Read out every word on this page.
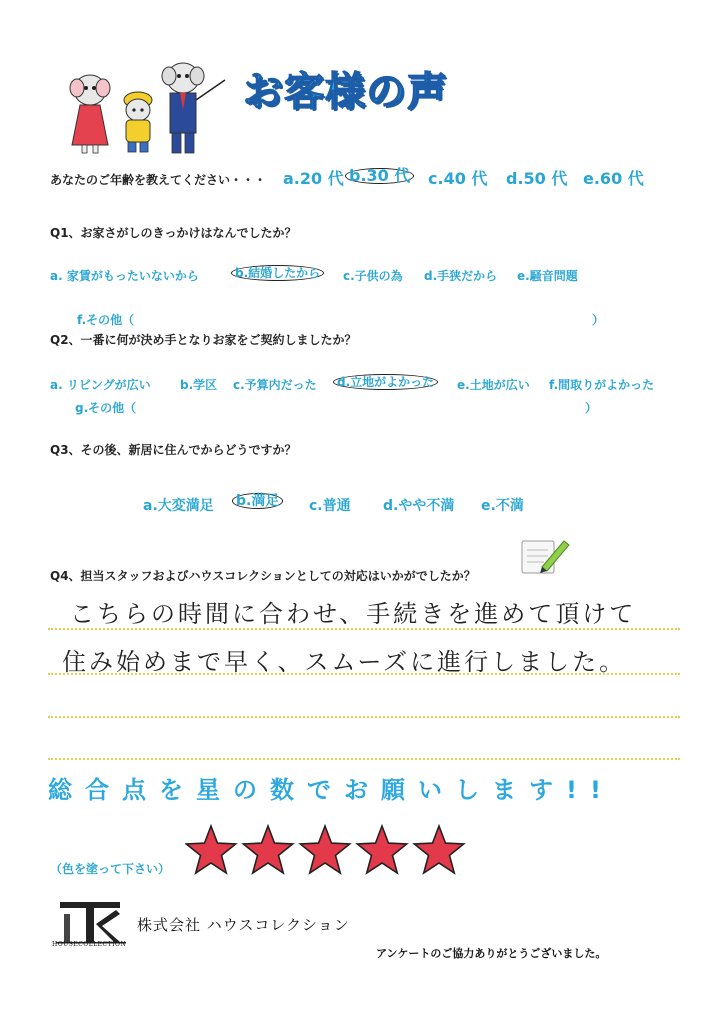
お客様の声
あなたのご年齢を教えてください・・・ a.20 代 b.30 代 c.40 代 d.50 代 e.60 代
Q1、お家さがしのきっかけはなんでしたか？
a. 家賃がもったいないから	b.結婚したから	c.子供の為 d.手狭だから e.騒音問題
f.その他（	）
Q2、一番に何が決め手となりお家をご契約しましたか？
a. リビングが広い b.学区 c.予算内だった	d.立地がよかった	e.土地が広い f.間取りがよかった
g.その他（	）
Q3、その後、新居に住んでからどうですか？
a.大変満足 b.満足 c.普通 d.やや不満 e.不満
Q4、担当スタッフおよびハウスコレクションとしての対応はいかがでしたか？
こちらの時間に合わせ、手続きを進めて頂けて
住み始めまで早く、スムーズに進行しました。
総合点を星の数でお願いします!!
（色を塗って下さい）
HOUSECOLLECTION
株式会社 ハウスコレクション
アンケートのご協力ありがとうございました。
